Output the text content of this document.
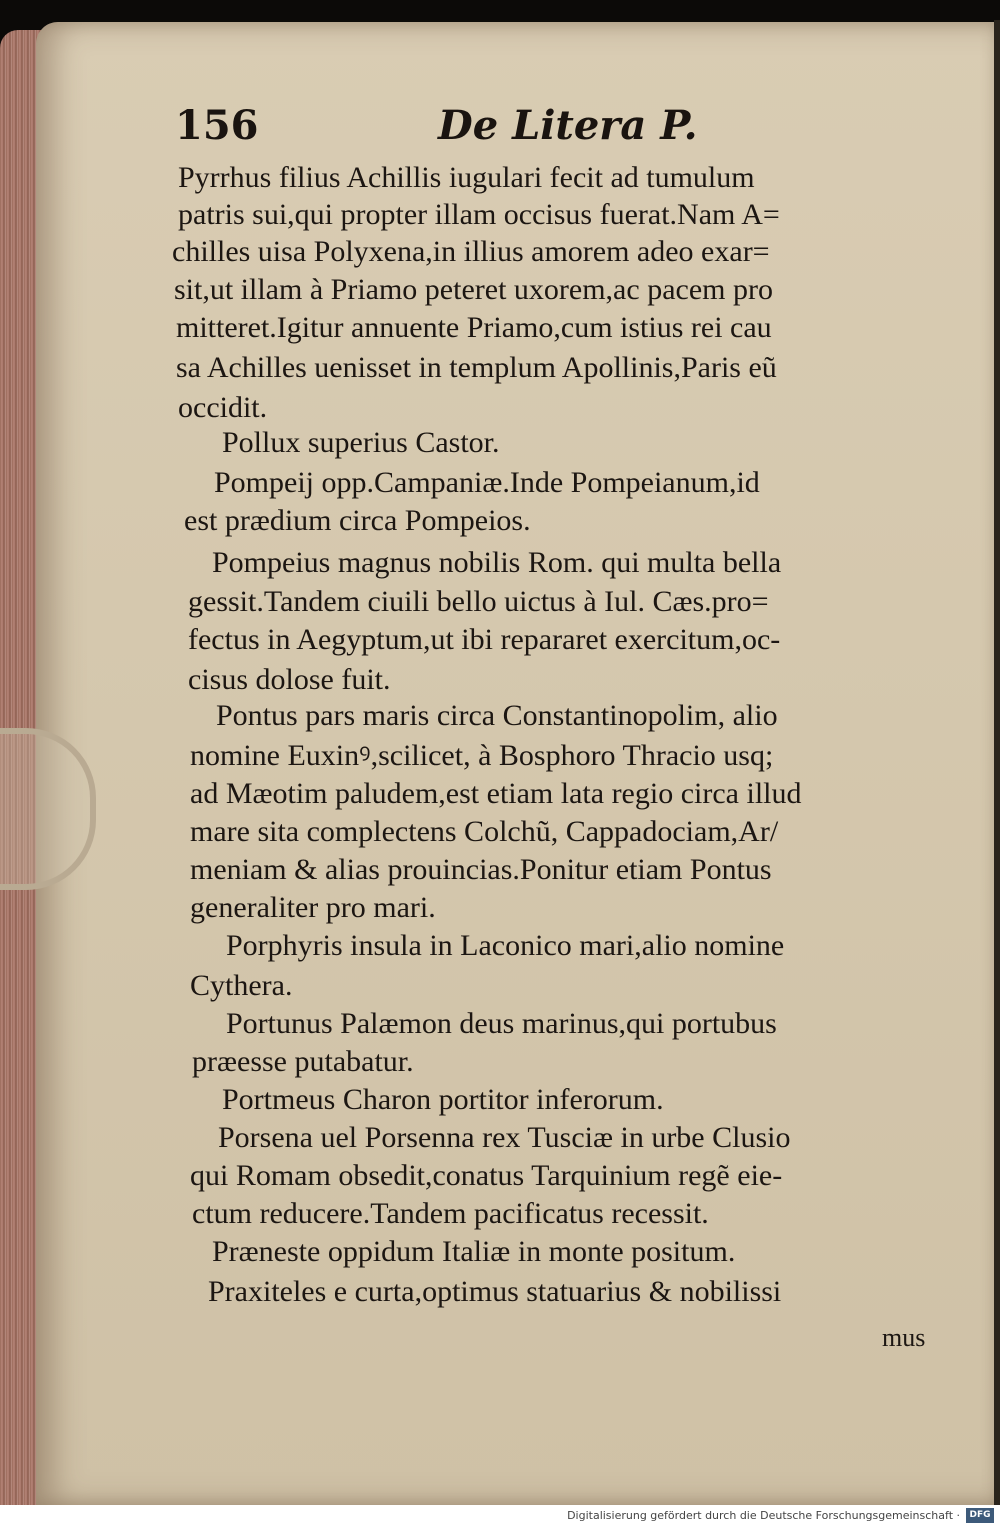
156	De Litera P.
Pyrrhus filius Achillis iugulari fecit ad tumulum
patris sui,qui propter illam occisus fuerat.Nam A=
chilles uisa Polyxena,in illius amorem adeo exar=
sit,ut illam à Priamo peteret uxorem,ac pacem pro
mitteret.Igitur annuente Priamo,cum istius rei cau
sa Achilles uenisset in templum Apollinis,Paris eũ
occidit.
Pollux superius Castor.
Pompeij opp.Campaniæ.Inde Pompeianum,id
est prædium circa Pompeios.
Pompeius magnus nobilis Rom. qui multa bella
gessit.Tandem ciuili bello uictus à Iul. Cæs.pro=
fectus in Aegyptum,ut ibi repararet exercitum,oc-
cisus dolose fuit.
Pontus pars maris circa Constantinopolim, alio
nomine Euxinꝰ,scilicet, à Bosphoro Thracio usq;
ad Mæotim paludem,est etiam lata regio circa illud
mare sita complectens Colchũ, Cappadociam,Ar/
meniam & alias prouincias.Ponitur etiam Pontus
generaliter pro mari.
Porphyris insula in Laconico mari,alio nomine
Cythera.
Portunus Palæmon deus marinus,qui portubus
præesse putabatur.
Portmeus Charon portitor inferorum.
Porsena uel Porsenna rex Tusciæ in urbe Clusio
qui Romam obsedit,conatus Tarquinium regẽ eie-
ctum reducere.Tandem pacificatus recessit.
Præneste oppidum Italiæ in monte positum.
Praxiteles e curta,optimus statuarius & nobilissi
mus
Digitalisierung gefördert durch die Deutsche Forschungsgemeinschaft ·	DFG
